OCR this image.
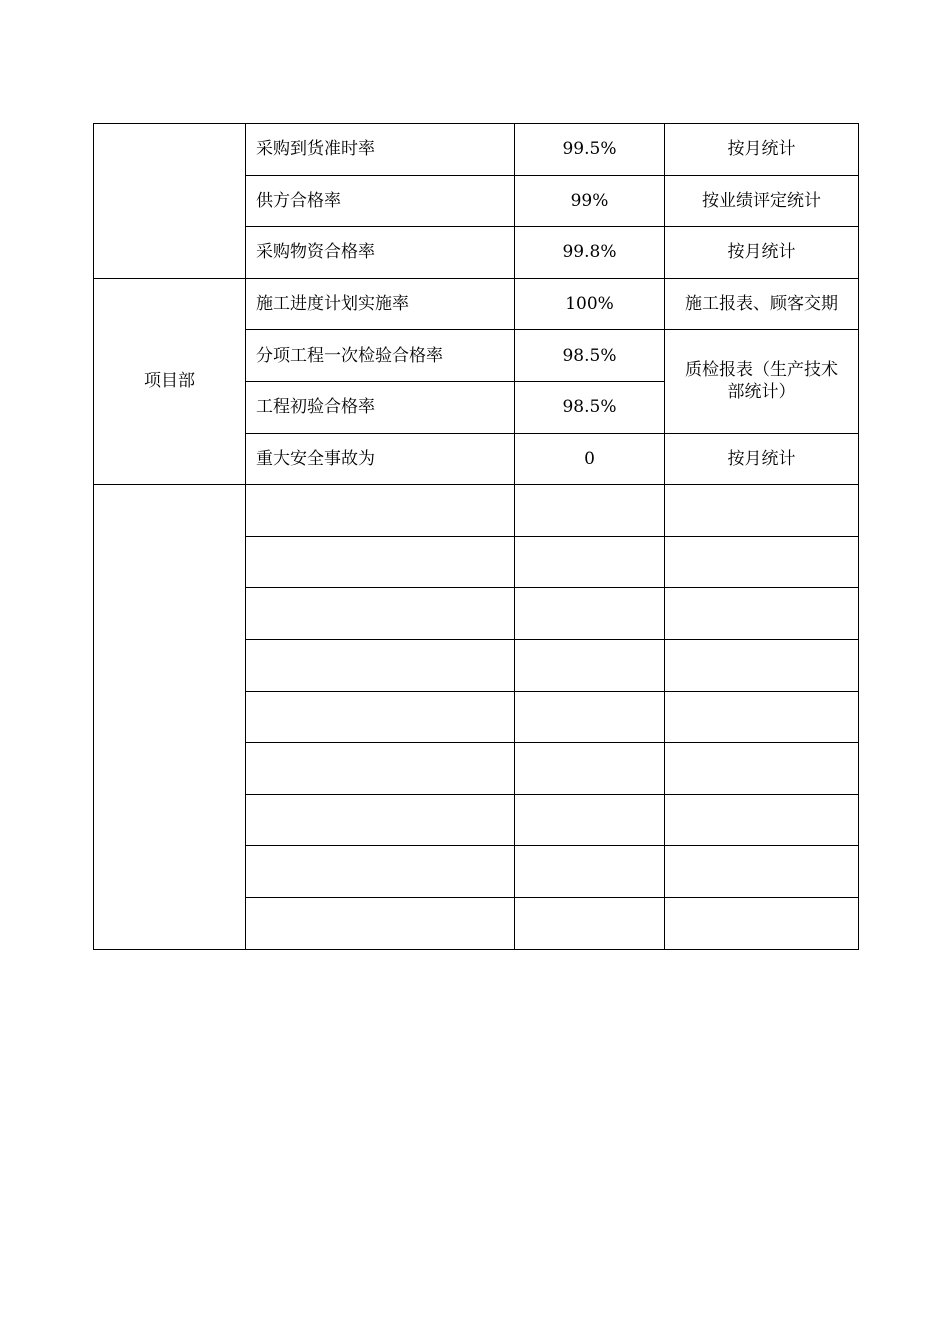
	采购到货准时率	99.5%	按月统计
	供方合格率	99%	按业绩评定统计
	采购物资合格率	99.8%	按月统计
项目部	施工进度计划实施率	100%	施工报表、顾客交期
	分项工程一次检验合格率	98.5%	质检报表（生产技术部统计）
	工程初验合格率	98.5%	
	重大安全事故为	0	按月统计
